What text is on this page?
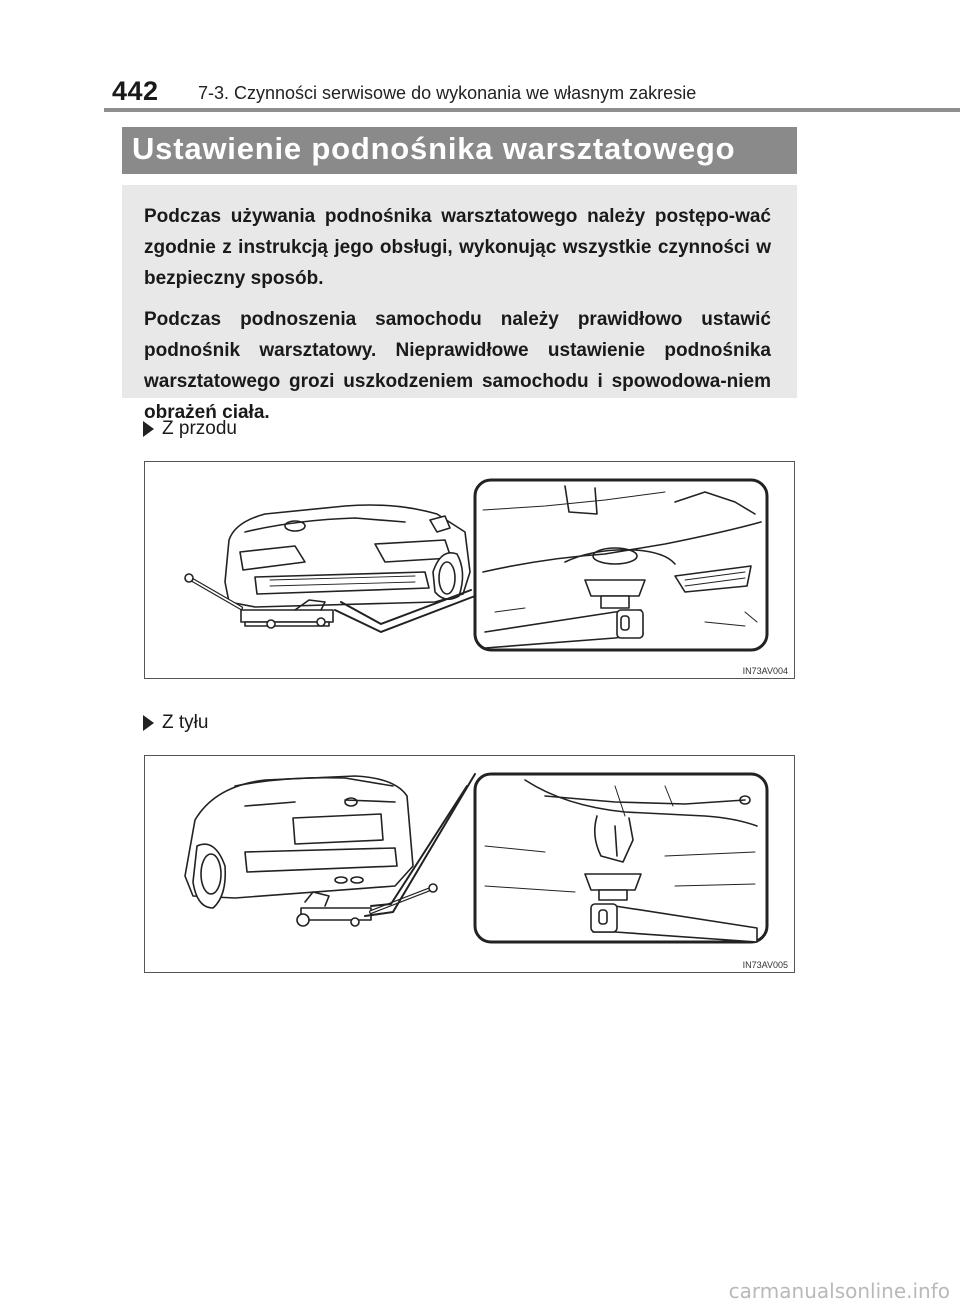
442 7-3. Czynności serwisowe do wykonania we własnym zakresie
Ustawienie podnośnika warsztatowego

Podczas używania podnośnika warsztatowego należy postępo-wać zgodnie z instrukcją jego obsługi, wykonując wszystkie czynności w bezpieczny sposób.

Podczas podnoszenia samochodu należy prawidłowo ustawić podnośnik warsztatowy. Nieprawidłowe ustawienie podnośnika warsztatowego grozi uszkodzeniem samochodu i spowodowa-niem obrażeń ciała.

Z przodu
IN73AV004
Z tyłu
IN73AV005
carmanualsonline.info
